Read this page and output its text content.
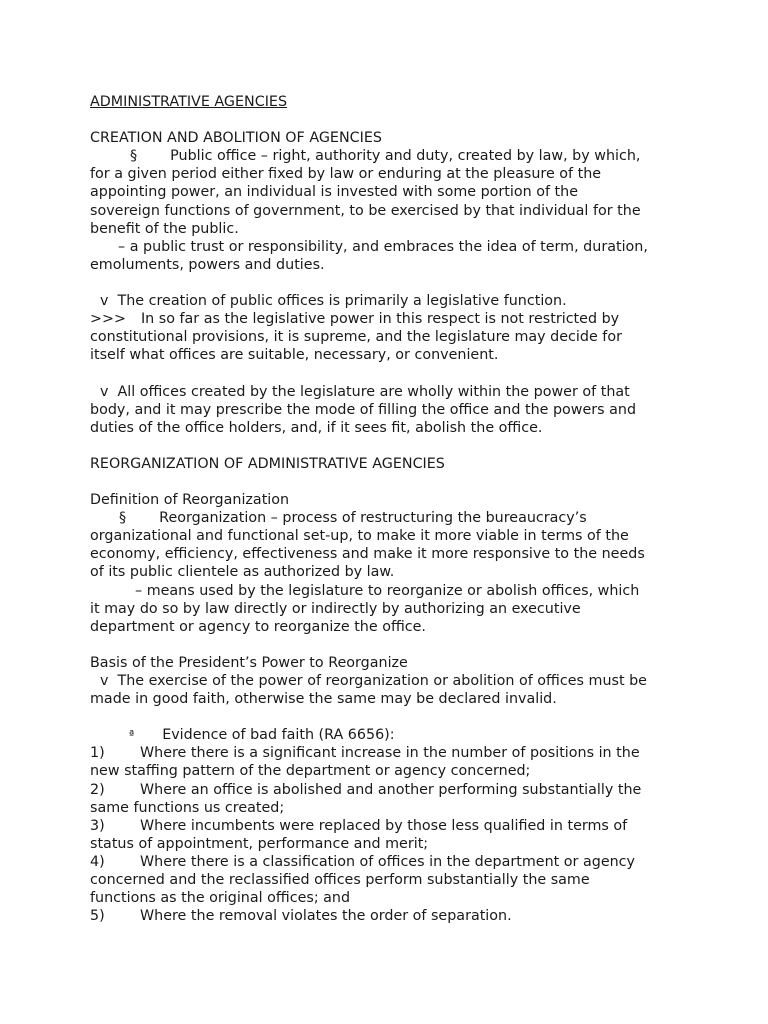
ADMINISTRATIVE AGENCIES
CREATION AND ABOLITION OF AGENCIES
§ Public office – right, authority and duty, created by law, by which,
for a given period either fixed by law or enduring at the pleasure of the
appointing power, an individual is invested with some portion of the
sovereign functions of government, to be exercised by that individual for the
benefit of the public.
– a public trust or responsibility, and embraces the idea of term, duration,
emoluments, powers and duties.
v The creation of public offices is primarily a legislative function.
>>> In so far as the legislative power in this respect is not restricted by
constitutional provisions, it is supreme, and the legislature may decide for
itself what offices are suitable, necessary, or convenient.
v All offices created by the legislature are wholly within the power of that
body, and it may prescribe the mode of filling the office and the powers and
duties of the office holders, and, if it sees fit, abolish the office.
REORGANIZATION OF ADMINISTRATIVE AGENCIES
Definition of Reorganization
§ Reorganization – process of restructuring the bureaucracy’s
organizational and functional set-up, to make it more viable in terms of the
economy, efficiency, effectiveness and make it more responsive to the needs
of its public clientele as authorized by law.
– means used by the legislature to reorganize or abolish offices, which
it may do so by law directly or indirectly by authorizing an executive
department or agency to reorganize the office.
Basis of the President’s Power to Reorganize
v The exercise of the power of reorganization or abolition of offices must be
made in good faith, otherwise the same may be declared invalid.
$^ª$ Evidence of bad faith (RA 6656):
1) Where there is a significant increase in the number of positions in the
new staffing pattern of the department or agency concerned;
2) Where an office is abolished and another performing substantially the
same functions us created;
3) Where incumbents were replaced by those less qualified in terms of
status of appointment, performance and merit;
4) Where there is a classification of offices in the department or agency
concerned and the reclassified offices perform substantially the same
functions as the original offices; and
5) Where the removal violates the order of separation.
